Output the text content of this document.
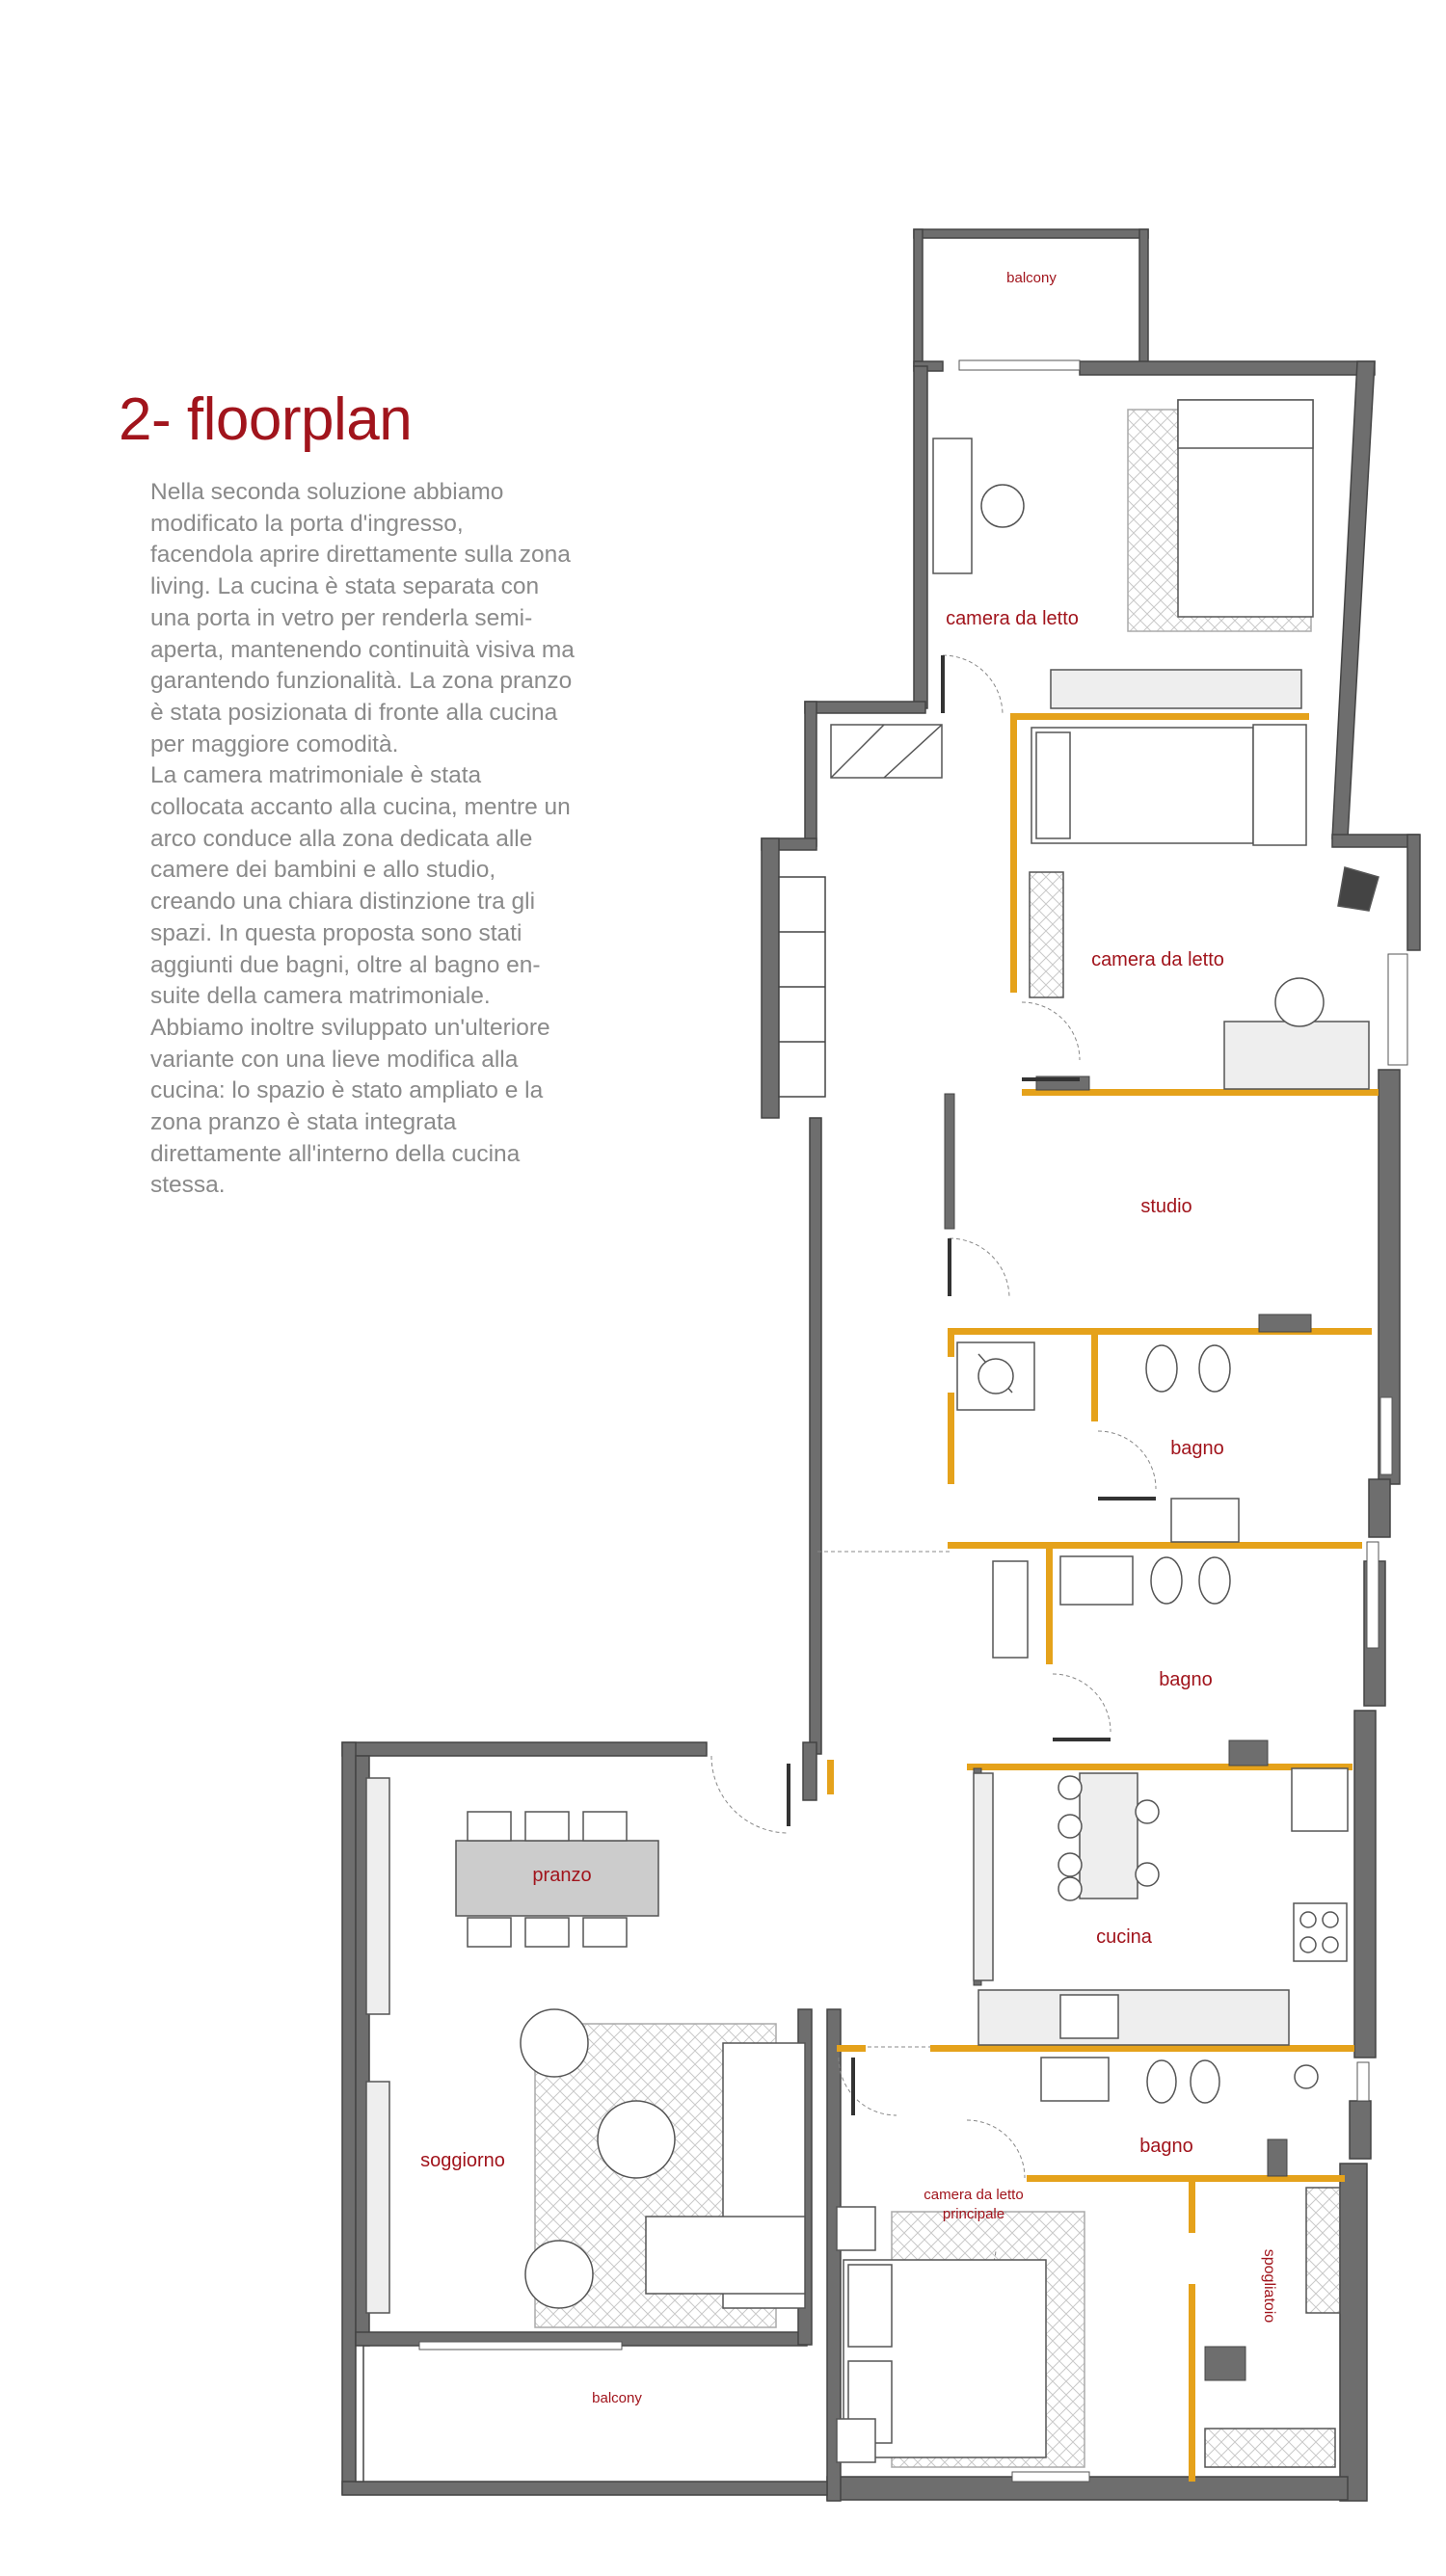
2- floorplan
Nella seconda soluzione abbiamo
modificato la porta d'ingresso,
facendola aprire direttamente sulla zona
living. La cucina è stata separata con
una porta in vetro per renderla semi-
aperta, mantenendo continuità visiva ma
garantendo funzionalità. La zona pranzo
è stata posizionata di fronte alla cucina
per maggiore comodità.
La camera matrimoniale è stata
collocata accanto alla cucina, mentre un
arco conduce alla zona dedicata alle
camere dei bambini e allo studio,
creando una chiara distinzione tra gli
spazi. In questa proposta sono stati
aggiunti due bagni, oltre al bagno en-
suite della camera matrimoniale.
Abbiamo inoltre sviluppato un'ulteriore
variante con una lieve modifica alla
cucina: lo spazio è stato ampliato e la
zona pranzo è stata integrata
direttamente all'interno della cucina
stessa.
balcony
camera da letto
camera da letto
studio
bagno
bagno
cucina
pranzo
soggiorno
bagno
camera da letto
principale
spogliatoio
balcony
